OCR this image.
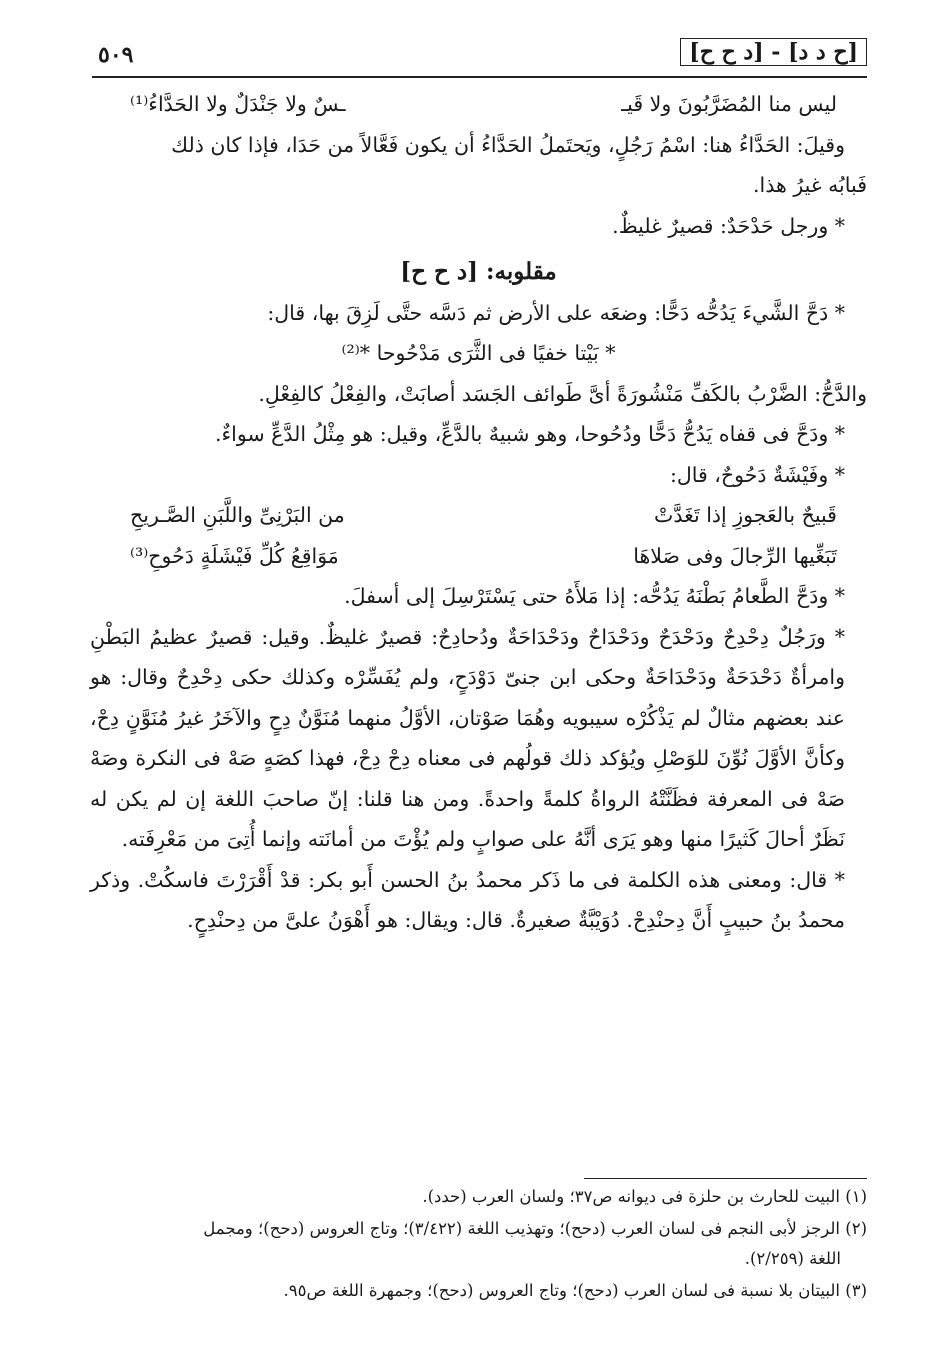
[ح د د] - [د ح ح]
٥٠٩
ليس منا المُضَرَّبُونَ ولا قَيـ
ـسٌ ولا جَنْدَلٌ ولا الحَدَّاءُ⁽¹⁾

وقيلَ: الحَدَّاءُ هنا: اسْمُ رَجُلٍ، ويَحتَملُ الحَدَّاءُ أن يكون فَعَّالاً من حَدَا، فإذا كان ذلك

فَبابُه غيرُ هذا.

* ورجل حَدْحَدٌ: قصيرٌ غليظٌ.

مقلوبه: [د ح ح]

* دَحَّ الشَّيءَ يَدُحُّه دَحًّا: وضعَه على الأرض ثم دَسَّه حتَّى لَزِقَ بها، قال:

* بَيْتا خفيًا فى الثَّرَى مَدْحُوحا *⁽²⁾

والدَّحُّ: الضَّرْبُ بالكَفِّ مَنْشُورَةً أىَّ طَوائف الجَسَد أصابَتْ، والفِعْلُ كالفِعْلِ.

* ودَحَّ فى قفاه يَدُحُّ دَحًّا ودُحُوحا، وهو شبيهٌ بالدَّعِّ، وقيل: هو مِثْلُ الدَّعِّ سواءٌ.

* وفَيْشَةٌ دَحُوحٌ، قال:

قَبيحٌ بالعَجوزِ إذا تَغَدَّتْ
من البَرْنِىِّ واللَّبَنِ الصَّـريحِ
تَبَغِّيها الرِّجالَ وفى صَلاهَا
مَوَاقِعُ كُلِّ فَيْشَلَةٍ دَحُوحِ⁽³⁾

* ودَحَّ الطَّعامُ بَطْنَهُ يَدُحُّه: إذا مَلأَهُ حتى يَسْتَرْسِلَ إلى أسفلَ.

* ورَجُلٌ دِحْدِحٌ ودَحْدَحٌ ودَحْدَاحٌ ودَحْدَاحَةٌ ودُحادِحٌ: قصيرٌ غليظٌ. وقيل: قصيرٌ عظيمُ البَطْنِ وامرأةٌ دَحْدَحَةٌ ودَحْدَاحَةٌ وحكى ابن جنىّ دَوْدَحٍ، ولم يُفَسِّرْه وكذلك حكى دِحْدِحٌ وقال: هو عند بعضهم مثالٌ لم يَذْكُرْه سيبويه وهُمَا صَوْتان، الأوَّلُ منهما مُنَوَّنٌ دِحٍ والآخَرُ غيرُ مُنَوَّنٍ دِحْ، وكأنَّ الأوَّلَ نُوِّنَ للوَصْلِ ويُؤكد ذلك قولُهم فى معناه دِحْ دِحْ، فهذا كصَهٍ صَهْ فى النكرة وصَهْ صَهْ فى المعرفة فظَنَّتْهُ الرواةُ كلمةً واحدةً. ومن هنا قلنا: إنّ صاحبَ اللغة إن لم يكن له نَظَرٌ أحالَ كَثيرًا منها وهو يَرَى أنَّهُ على صوابٍ ولم يُؤْتَ من أمانَته وإنما أُتِىَ من مَعْرِفَته.

* قال: ومعنى هذه الكلمة فى ما ذَكر محمدُ بنُ الحسن أَبو بكر: قدْ أَقْرَرْتَ فاسكُتْ. وذكر محمدُ بنُ حبيبٍ أَنَّ دِحنْدِحْ. دُوَيْبَّةٌ صغيرةٌ. قال: ويقال: هو أَهْوَنُ علىَّ من دِحنْدِحٍ.

(١) البيت للحارث بن حلزة فى ديوانه ص٣٧؛ ولسان العرب (حدد).

(٢) الرجز لأبى النجم فى لسان العرب (دحح)؛ وتهذيب اللغة (٣/٤٢٢)؛ وتاج العروس (دحح)؛ ومجمل
اللغة (٢/٢٥٩).

(٣) البيتان بلا نسبة فى لسان العرب (دحح)؛ وتاج العروس (دحح)؛ وجمهرة اللغة ص٩٥.
